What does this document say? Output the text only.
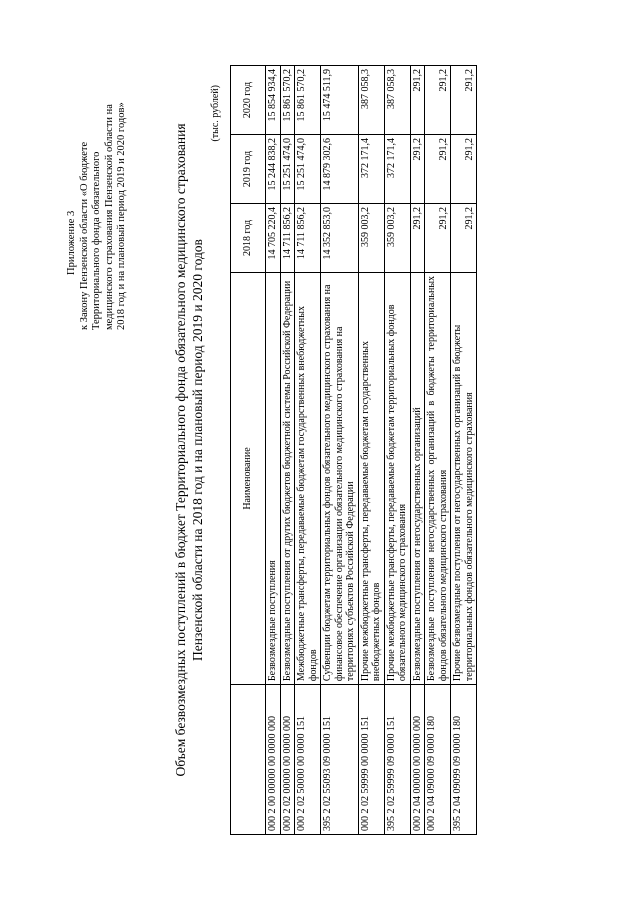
Приложение 3 к Закону Пензенской области «О бюджете Территориального фонда обязательного медицинского страхования Пензенской области на 2018 год и на плановый период 2019 и 2020 годов»	Объем безвозмездных поступлений в бюджет Территориального фонда обязательного медицинского страхования Пензенской области на 2018 год и на плановый период 2019 и 2020 годов
(тыс. рублей)
	Наименование	2018 год	2019 год	2020 год
000 2 00 00000 00 0000 000	Безвозмездные поступления	14 705 220,4	15 244 838,2	15 854 934,4
000 2 02 00000 00 0000 000	Безвозмездные поступления от других бюджетов бюджетной системы Российской Федерации	14 711 856,2	15 251 474,0	15 861 570,2
000 2 02 50000 00 0000 151	Межбюджетные трансферты, передаваемые бюджетам государственных внебюджетных фондов	14 711 856,2	15 251 474,0	15 861 570,2
395 2 02 55093 09 0000 151	Субвенции бюджетам территориальных фондов обязательного медицинского страхования на финансовое обеспечение организации обязательного медицинского страхования на территориях субъектов Российской Федерации	14 352 853,0	14 879 302,6	15 474 511,9
000 2 02 59999 00 0000 151	Прочие межбюджетные трансферты, передаваемые бюджетам государственных внебюджетных фондов	359 003,2	372 171,4	387 058,3
395 2 02 59999 09 0000 151	Прочие межбюджетные трансферты, передаваемые бюджетам территориальных фондов обязательного медицинского страхования	359 003,2	372 171,4	387 058,3
000 2 04 00000 00 0000 000	Безвозмездные поступления от негосударственных организаций	291,2	291,2	291,2
000 2 04 09000 09 0000 180	Безвозмездные поступления негосударственных организаций в бюджеты территориальных фондов обязательного медицинского страхования	291,2	291,2	291,2
395 2 04 09099 09 0000 180	Прочие безвозмездные поступления от негосударственных организаций в бюджеты территориальных фондов обязательного медицинского страхования	291,2	291,2	291,2
